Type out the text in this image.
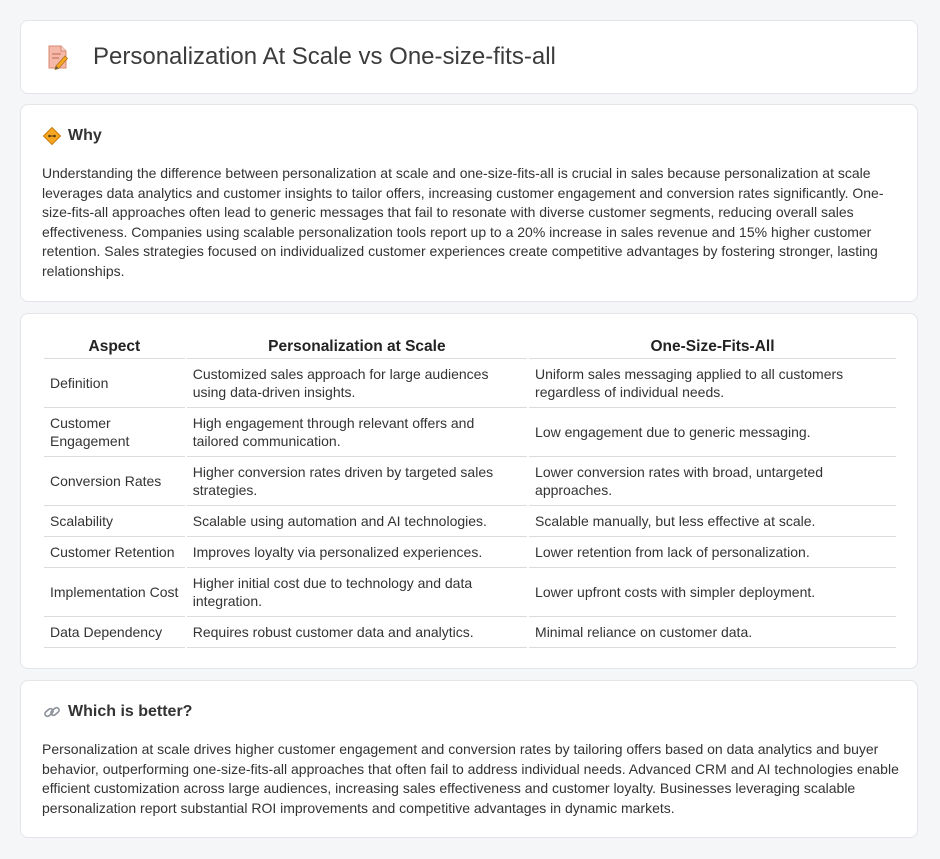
Personalization At Scale vs One-size-fits-all
Why

Understanding the difference between personalization at scale and one-size-fits-all is crucial in sales because personalization at scale leverages data analytics and customer insights to tailor offers, increasing customer engagement and conversion rates significantly. One-size-fits-all approaches often lead to generic messages that fail to resonate with diverse customer segments, reducing overall sales effectiveness. Companies using scalable personalization tools report up to a 20% increase in sales revenue and 15% higher customer retention. Sales strategies focused on individualized customer experiences create competitive advantages by fostering stronger, lasting relationships.

Aspect	Personalization at Scale	One-Size-Fits-All
Definition	Customized sales approach for large audiences using data-driven insights.	Uniform sales messaging applied to all customers regardless of individual needs.
Customer Engagement	High engagement through relevant offers and tailored communication.	Low engagement due to generic messaging.
Conversion Rates	Higher conversion rates driven by targeted sales strategies.	Lower conversion rates with broad, untargeted approaches.
Scalability	Scalable using automation and AI technologies.	Scalable manually, but less effective at scale.
Customer Retention	Improves loyalty via personalized experiences.	Lower retention from lack of personalization.
Implementation Cost	Higher initial cost due to technology and data integration.	Lower upfront costs with simpler deployment.
Data Dependency	Requires robust customer data and analytics.	Minimal reliance on customer data.
Which is better?

Personalization at scale drives higher customer engagement and conversion rates by tailoring offers based on data analytics and buyer behavior, outperforming one-size-fits-all approaches that often fail to address individual needs. Advanced CRM and AI technologies enable efficient customization across large audiences, increasing sales effectiveness and customer loyalty. Businesses leveraging scalable personalization report substantial ROI improvements and competitive advantages in dynamic markets.
